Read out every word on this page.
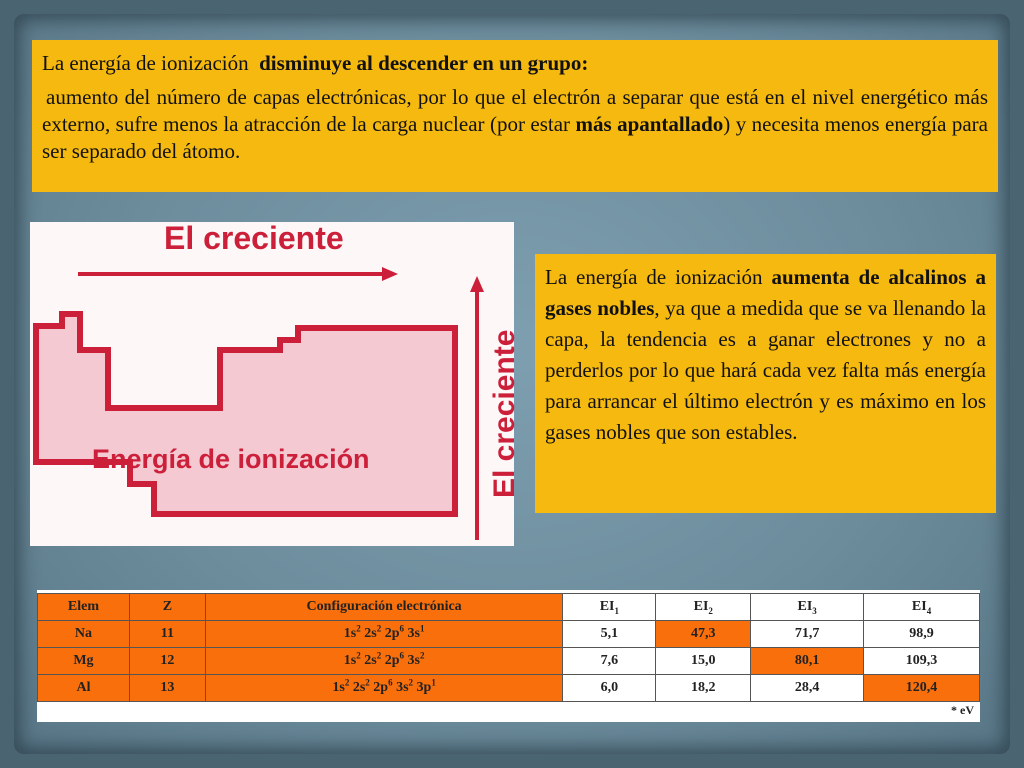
La energía de ionización disminuye al descender en un grupo:

aumento del número de capas electrónicas, por lo que el electrón a separar que está en el nivel energético más externo, sufre menos la atracción de la carga nuclear (por estar más apantallado) y necesita menos energía para ser separado del átomo.

El creciente
El creciente
Energía de ionización

La energía de ionización aumenta de alcalinos a gases nobles, ya que a medida que se va llenando la capa, la tendencia es a ganar electrones y no a perderlos por lo que hará cada vez falta más energía para arrancar el último electrón y es máximo en los gases nobles que son estables.

Elem	Z	Configuración electrónica	$EI_1$	$EI_2$	$EI_3$	$EI_4$
Na	11	$1s^2$ $2s^2$ $2p^6$ $3s^1$	5,1	47,3	71,7	98,9
Mg	12	$1s^2$ $2s^2$ $2p^6$ $3s^2$	7,6	15,0	80,1	109,3
Al	13	$1s^2$ $2s^2$ $2p^6$ $3s^2$ $3p^1$	6,0	18,2	28,4	120,4
* eV
